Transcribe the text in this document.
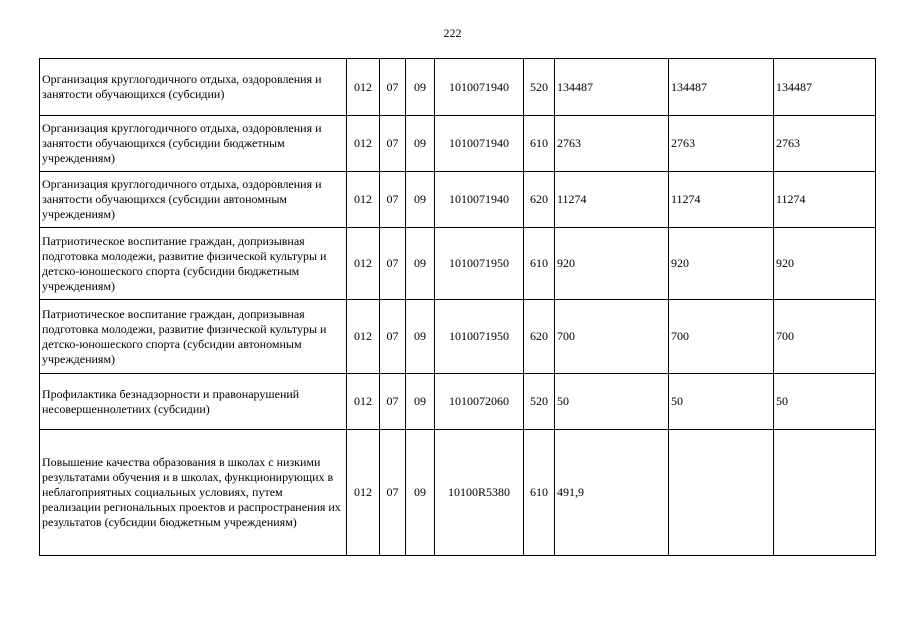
222
Организация круглогодичного отдыха, оздоровления и занятости обучающихся (субсидии)	012	07	09	1010071940	520	134487	134487	134487
Организация круглогодичного отдыха, оздоровления и занятости обучающихся (субсидии бюджетным учреждениям)	012	07	09	1010071940	610	2763	2763	2763
Организация круглогодичного отдыха, оздоровления и занятости обучающихся (субсидии автономным учреждениям)	012	07	09	1010071940	620	11274	11274	11274
Патриотическое воспитание граждан, допризывная подготовка молодежи, развитие физической культуры и детско-юношеского спорта (субсидии бюджетным учреждениям)	012	07	09	1010071950	610	920	920	920
Патриотическое воспитание граждан, допризывная подготовка молодежи, развитие физической культуры и детско-юношеского спорта (субсидии автономным учреждениям)	012	07	09	1010071950	620	700	700	700
Профилактика безнадзорности и правонарушений несовершеннолетних (субсидии)	012	07	09	1010072060	520	50	50	50
Повышение качества образования в школах с низкими результатами обучения и в школах, функционирующих в неблагоприятных социальных условиях, путем реализации региональных проектов и распространения их результатов (субсидии бюджетным учреждениям)	012	07	09	10100R5380	610	491,9		
